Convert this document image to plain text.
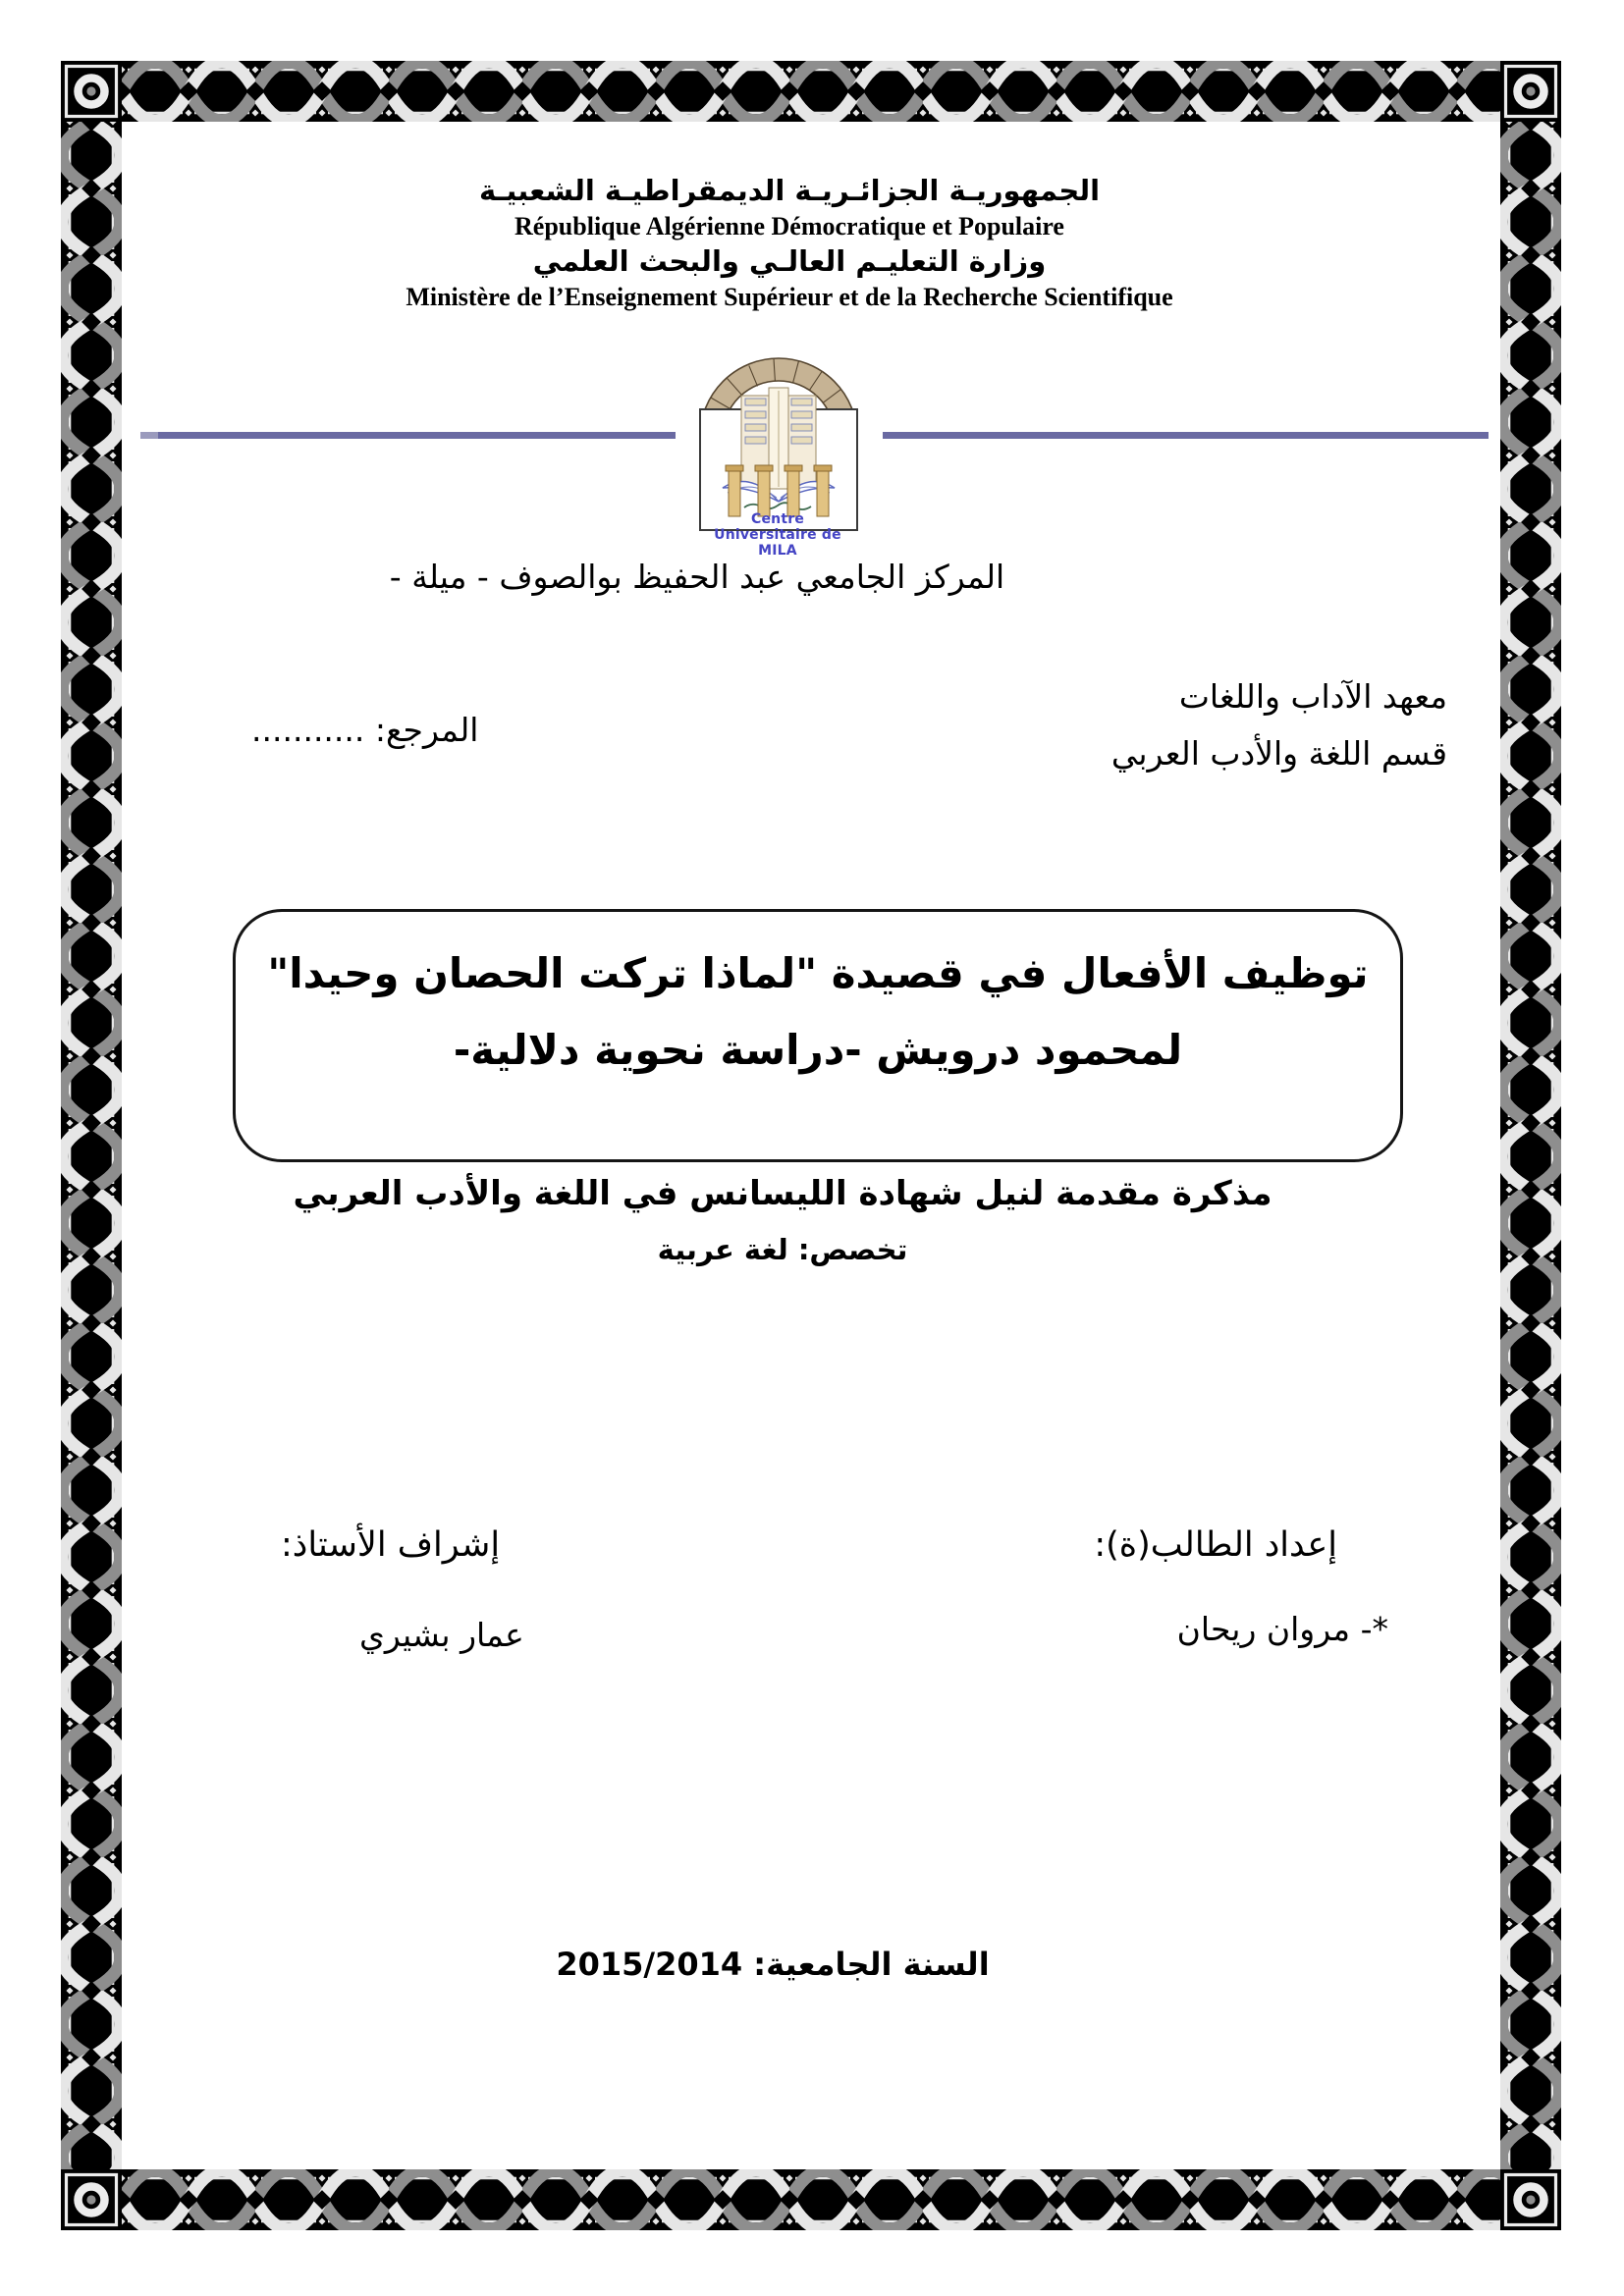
الجمهوريـة الجزائـريـة الديمقراطيـة الشعبيـة
République Algérienne Démocratique et Populaire
وزارة التعليـم العالـي والبحث العلمي
Ministère de l’Enseignement Supérieur et de la Recherche Scientifique
Centre Universitaire de MILA
المركز الجامعي عبد الحفيظ بوالصوف - ميلة -
معهد الآداب واللغات
قسم اللغة والأدب العربي
المرجع: ...........
توظيف الأفعال في قصيدة "لماذا تركت الحصان وحيدا"
لمحمود درويش -دراسة نحوية دلالية-
مذكرة مقدمة لنيل شهادة الليسانس في اللغة والأدب العربي
تخصص: لغة عربية
إعداد الطالب(ة):
إشراف الأستاذ:
*- مروان ريحان
عمار بشيري
السنة الجامعية: 2015/2014
